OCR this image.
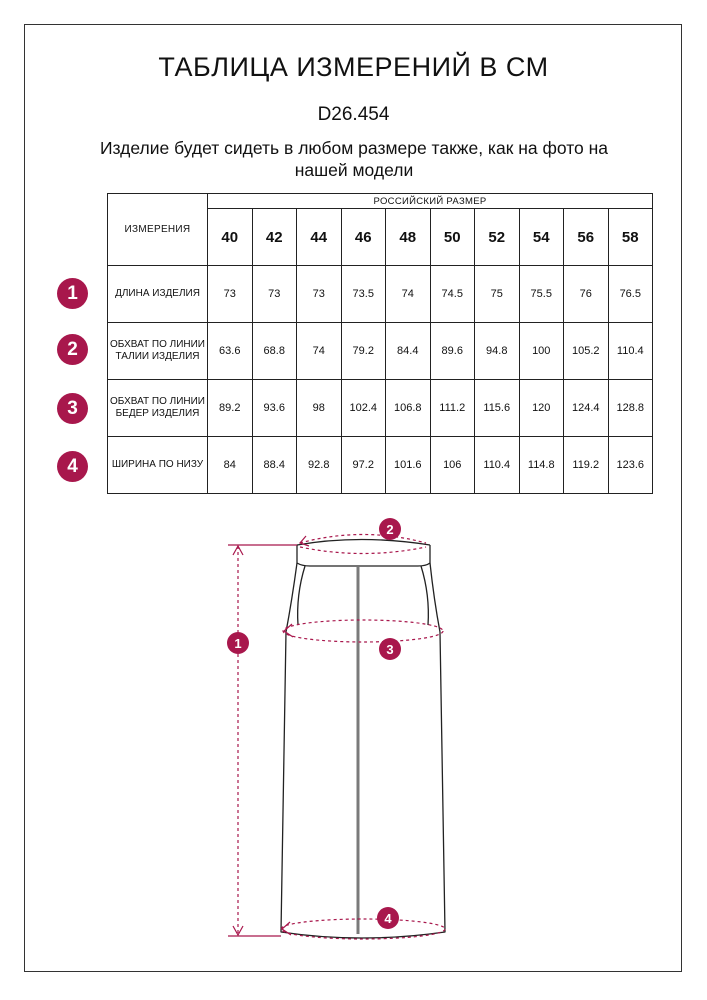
ТАБЛИЦА ИЗМЕРЕНИЙ В СМ
D26.454
Изделие будет сидеть в любом размере также, как на фото на нашей модели
ИЗМЕРЕНИЯ	РОССИЙСКИЙ РАЗМЕР									
	40	42	44	46	48	50	52	54	56	58
ДЛИНА ИЗДЕЛИЯ	73	73	73	73.5	74	74.5	75	75.5	76	76.5
ОБХВАТ ПО ЛИНИИ ТАЛИИ ИЗДЕЛИЯ	63.6	68.8	74	79.2	84.4	89.6	94.8	100	105.2	110.4
ОБХВАТ ПО ЛИНИИ БЕДЕР ИЗДЕЛИЯ	89.2	93.6	98	102.4	106.8	111.2	115.6	120	124.4	128.8
ШИРИНА ПО НИЗУ	84	88.4	92.8	97.2	101.6	106	110.4	114.8	119.2	123.6
1
2
3
4
1
2
3
4
